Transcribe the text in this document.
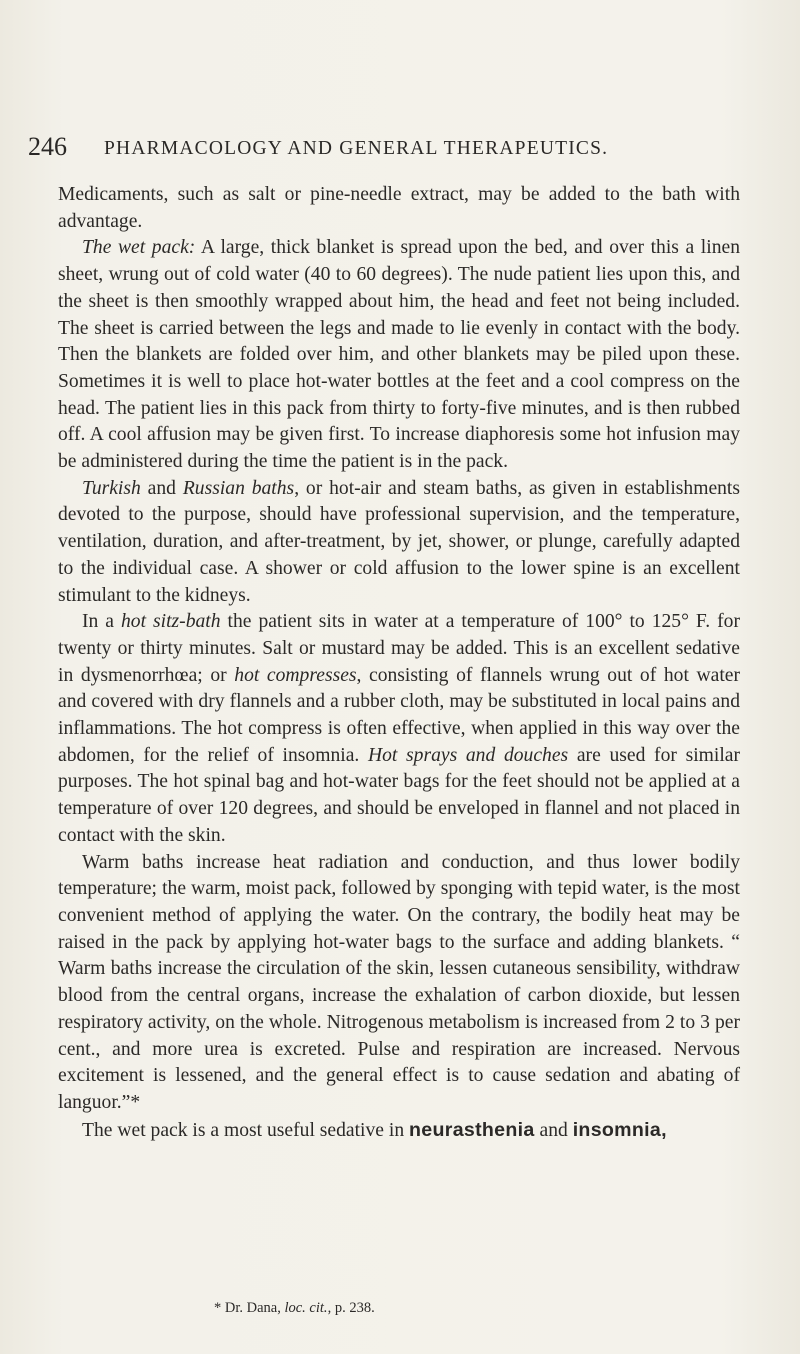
246 PHARMACOLOGY AND GENERAL THERAPEUTICS.

Medicaments, such as salt or pine-needle extract, may be added to the bath with advantage.

The wet pack: A large, thick blanket is spread upon the bed, and over this a linen sheet, wrung out of cold water (40 to 60 degrees). The nude patient lies upon this, and the sheet is then smoothly wrapped about him, the head and feet not being included. The sheet is carried between the legs and made to lie evenly in contact with the body. Then the blankets are folded over him, and other blankets may be piled upon these. Sometimes it is well to place hot-water bottles at the feet and a cool compress on the head. The patient lies in this pack from thirty to forty-five minutes, and is then rubbed off. A cool affusion may be given first. To increase diaphoresis some hot infusion may be administered during the time the patient is in the pack.

Turkish and Russian baths, or hot-air and steam baths, as given in establishments devoted to the purpose, should have professional supervision, and the temperature, ventilation, duration, and after-treatment, by jet, shower, or plunge, carefully adapted to the individual case. A shower or cold affusion to the lower spine is an excellent stimulant to the kidneys.

In a hot sitz-bath the patient sits in water at a temperature of 100° to 125° F. for twenty or thirty minutes. Salt or mustard may be added. This is an excellent sedative in dysmenorrhœa; or hot compresses, consisting of flannels wrung out of hot water and covered with dry flannels and a rubber cloth, may be substituted in local pains and inflammations. The hot compress is often effective, when applied in this way over the abdomen, for the relief of insomnia. Hot sprays and douches are used for similar purposes. The hot spinal bag and hot-water bags for the feet should not be applied at a temperature of over 120 degrees, and should be enveloped in flannel and not placed in contact with the skin.

Warm baths increase heat radiation and conduction, and thus lower bodily temperature; the warm, moist pack, followed by sponging with tepid water, is the most convenient method of applying the water. On the contrary, the bodily heat may be raised in the pack by applying hot-water bags to the surface and adding blankets. “ Warm baths increase the circulation of the skin, lessen cutaneous sensibility, withdraw blood from the central organs, increase the exhalation of carbon dioxide, but lessen respiratory activity, on the whole. Nitrogenous metabolism is increased from 2 to 3 per cent., and more urea is excreted. Pulse and respiration are increased. Nervous excitement is lessened, and the general effect is to cause sedation and abating of languor.”*

The wet pack is a most useful sedative in neurasthenia and insomnia,

* Dr. Dana, loc. cit., p. 238.
